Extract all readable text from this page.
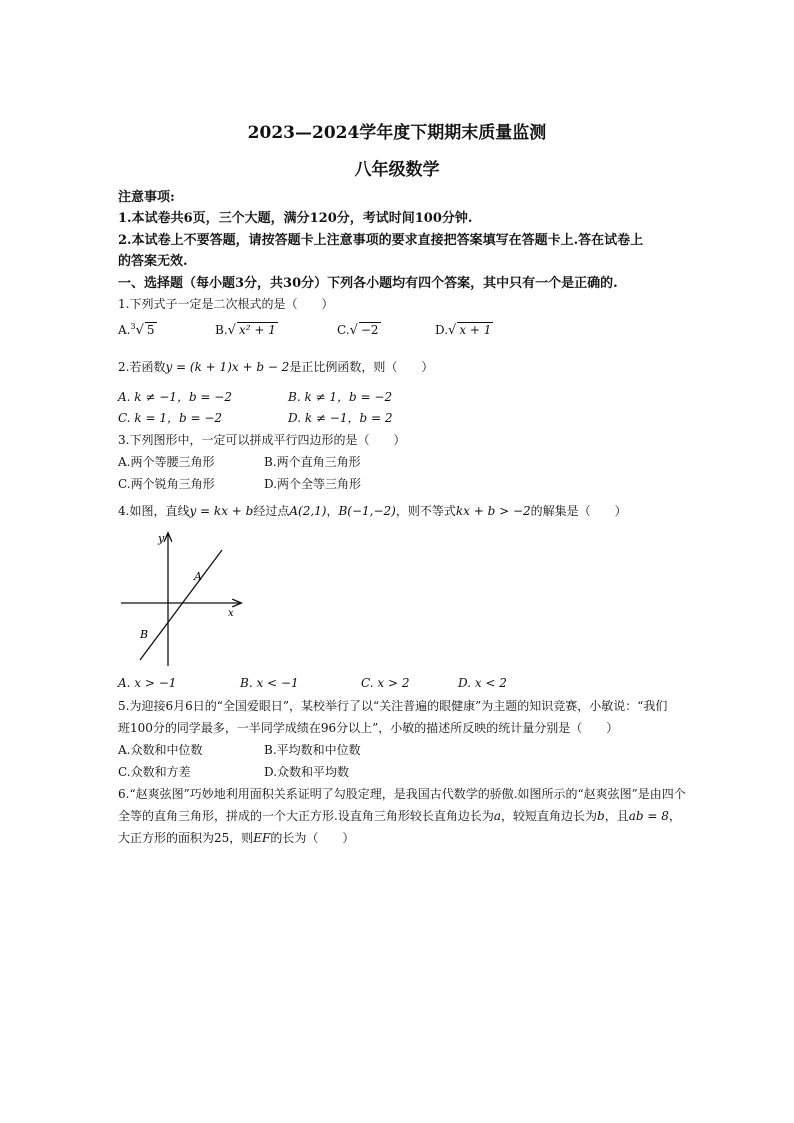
2023—2024学年度下期期末质量监测
八年级数学
注意事项:
1.本试卷共6页，三个大题，满分120分，考试时间100分钟.
2.本试卷上不要答题，请按答题卡上注意事项的要求直接把答案填写在答题卡上.答在试卷上
的答案无效.
一、选择题（每小题3分，共30分）下列各小题均有四个答案，其中只有一个是正确的.
1.下列式子一定是二次根式的是（　　）
A.$^3$√ 5	B.√ x² + 1	C.√ −2	D.√ x + 1
2.若函数y = (k + 1)x + b − 2是正比例函数，则（　　）
A. k ≠ −1，b = −2	B. k ≠ 1，b = −2
C. k = 1，b = −2	D. k ≠ −1，b = 2
3.下列图形中，一定可以拼成平行四边形的是（　　）
A.两个等腰三角形	B.两个直角三角形
C.两个锐角三角形	D.两个全等三角形
4.如图，直线y = kx + b经过点A(2,1)，B(−1,−2)，则不等式kx + b > −2的解集是（　　）
y
x
A
B
A. x > −1	B. x < −1	C. x > 2	D. x < 2
5.为迎接6月6日的“全国爱眼日”，某校举行了以“关注普遍的眼健康”为主题的知识竞赛，小敏说：“我们
班100分的同学最多，一半同学成绩在96分以上”，小敏的描述所反映的统计量分别是（　　）
A.众数和中位数	B.平均数和中位数
C.众数和方差	D.众数和平均数
6.“赵爽弦图”巧妙地利用面积关系证明了勾股定理，是我国古代数学的骄傲.如图所示的“赵爽弦图”是由四个
全等的直角三角形，拼成的一个大正方形.设直角三角形较长直角边长为a，较短直角边长为b，且ab = 8，
大正方形的面积为25，则EF的长为（　　）
